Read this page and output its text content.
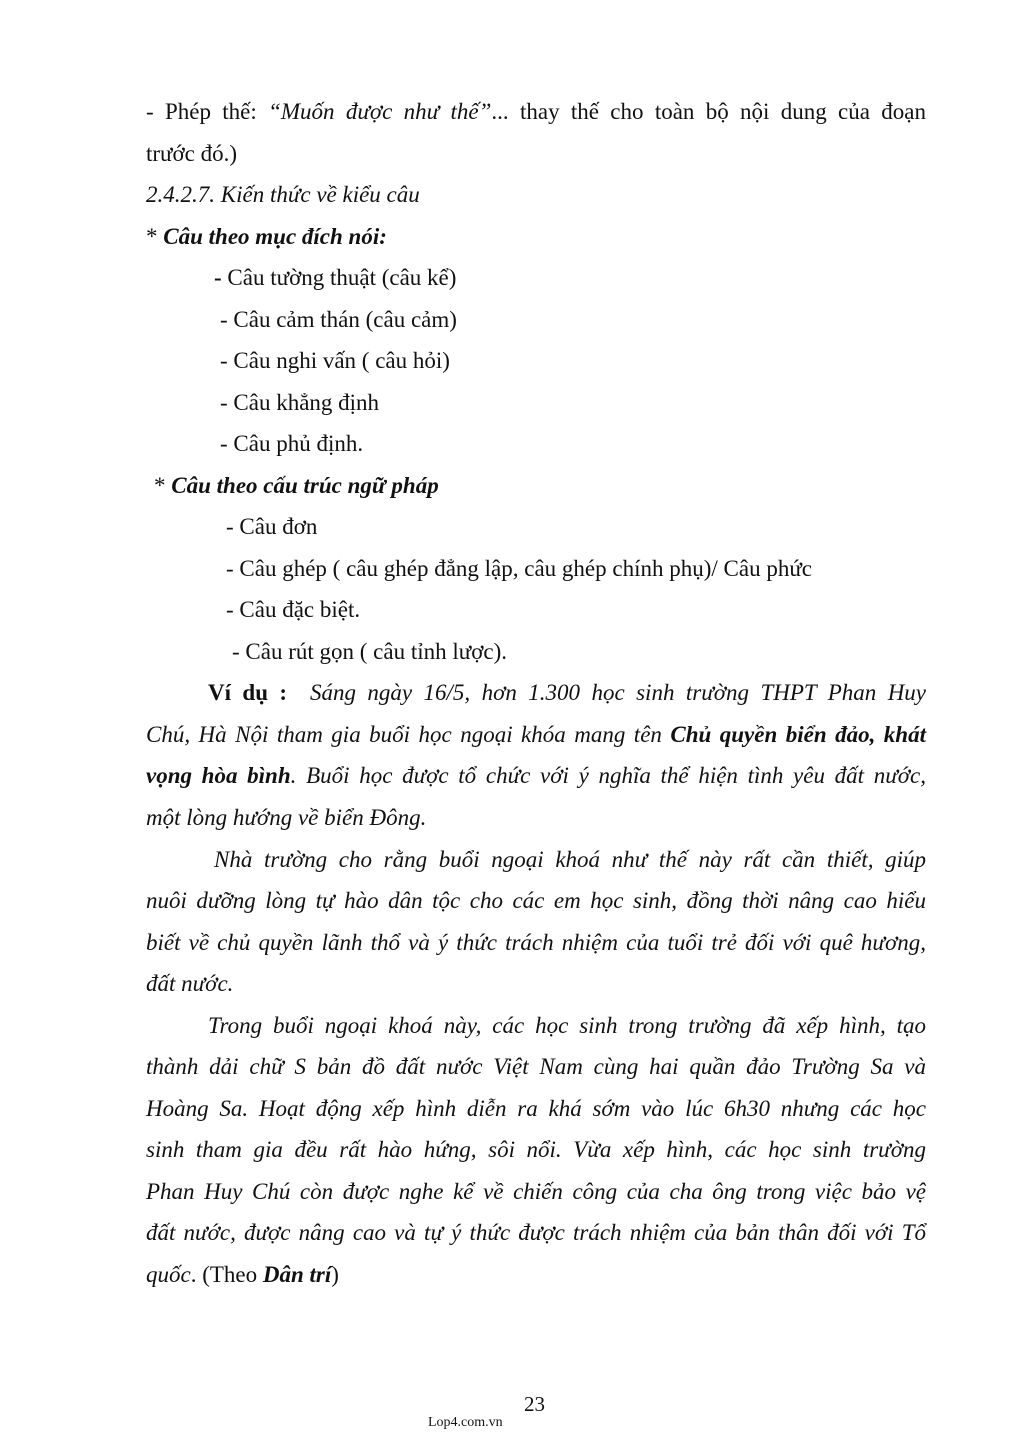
- Phép thế: “Muốn được như thế”... thay thế cho toàn bộ nội dung của đoạn
trước đó.)
2.4.2.7. Kiến thức về kiểu câu
* Câu theo mục đích nói:
- Câu tường thuật (câu kể)
- Câu cảm thán (câu cảm)
- Câu nghi vấn ( câu hỏi)
- Câu khẳng định
- Câu phủ định.
* Câu theo cấu trúc ngữ pháp
- Câu đơn
- Câu ghép ( câu ghép đẳng lập, câu ghép chính phụ)/ Câu phức
- Câu đặc biệt.
- Câu rút gọn ( câu tỉnh lược).
Ví dụ : Sáng ngày 16/5, hơn 1.300 học sinh trường THPT Phan Huy
Chú, Hà Nội tham gia buổi học ngoại khóa mang tên Chủ quyền biển đảo, khát
vọng hòa bình. Buổi học được tổ chức với ý nghĩa thể hiện tình yêu đất nước,
một lòng hướng về biển Đông.
Nhà trường cho rằng buổi ngoại khoá như thế này rất cần thiết, giúp
nuôi dưỡng lòng tự hào dân tộc cho các em học sinh, đồng thời nâng cao hiểu
biết về chủ quyền lãnh thổ và ý thức trách nhiệm của tuổi trẻ đối với quê hương,
đất nước.
Trong buổi ngoại khoá này, các học sinh trong trường đã xếp hình, tạo
thành dải chữ S bản đồ đất nước Việt Nam cùng hai quần đảo Trường Sa và
Hoàng Sa. Hoạt động xếp hình diễn ra khá sớm vào lúc 6h30 nhưng các học
sinh tham gia đều rất hào hứng, sôi nổi. Vừa xếp hình, các học sinh trường
Phan Huy Chú còn được nghe kể về chiến công của cha ông trong việc bảo vệ
đất nước, được nâng cao và tự ý thức được trách nhiệm của bản thân đối với Tổ
quốc. (Theo Dân trí)
23
Lop4.com.vn
